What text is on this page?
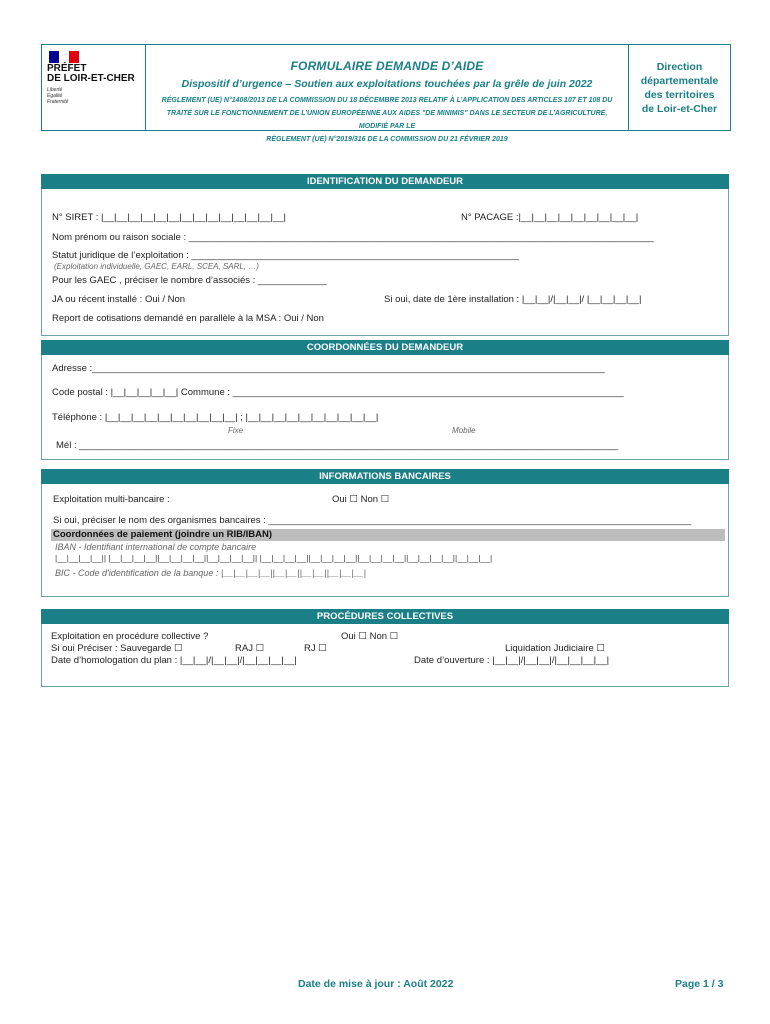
PRÉFET
DE LOIR-ET-CHER
Liberté
Égalité
Fraternité
FORMULAIRE DEMANDE D’AIDE
Dispositif d’urgence – Soutien aux exploitations touchées par la grêle de juin 2022
RÉGLEMENT (UE) N°1408/2013 DE LA COMMISSION DU 18 DÉCEMBRE 2013 RELATIF À L’APPLICATION DES ARTICLES 107 ET 108 DU
TRAITÉ SUR LE FONCTIONNEMENT DE L’UNION EUROPÉENNE AUX AIDES "DE MINIMIS" DANS LE SECTEUR DE L’AGRICULTURE, MODIFIÉ PAR LE
RÈGLEMENT (UE) N°2019/316 DE LA COMMISSION DU 21 FÉVRIER 2019
Direction
départementale
des territoires
de Loir-et-Cher
IDENTIFICATION DU DEMANDEUR
N° SIRET : |__|__|__|__|__|__|__|__|__|__|__|__|__|__|	N° PACAGE :|__|__|__|__|__|__|__|__|__|
Nom prénom ou raison sociale : ________________________________________________________________________________________
Statut juridique de l’exploitation : ______________________________________________________________
(Exploitation individuelle, GAEC, EARL, SCEA, SARL, …)
Pour les GAEC , préciser le nombre d’associés : _____________
JA ou récent installé : Oui / Non	Si oui, date de 1ère installation : |__|__|/|__|__|/ |__|__|__|__|
Report de cotisations demandé en parallèle à la MSA : Oui / Non
COORDONNÉES DU DEMANDEUR
Adresse :_________________________________________________________________________________________________
Code postal : |__|__|__|__|__| Commune : __________________________________________________________________________
Téléphone : |__|__|__|__|__|__|__|__|__|__| ; |__|__|__|__|__|__|__|__|__|__|
Fixe	Mobile
Mél : ______________________________________________________________________________________________________
INFORMATIONS BANCAIRES
Exploitation multi-bancaire :	Oui ☐ Non ☐
Si oui, préciser le nom des organismes bancaires : ________________________________________________________________________________
Coordonnées de paiement (joindre un RIB/IBAN)
IBAN - Identifiant international de compte bancaire
|__|__|__|__|| |__|__|__|__||__|__|__|__||__|__|__|__|| |__|__|__|__||__|__|__|__||__|__|__|__||__|__|__|__||__|__|__|
BIC - Code d'identification de la banque : |__|__|__|__||__|__||__|__||__|__|__|
PROCÉDURES COLLECTIVES
Exploitation en procédure collective ?	Oui ☐ Non ☐
Si oui Préciser : Sauvegarde ☐	RAJ ☐	RJ ☐	Liquidation Judiciaire ☐
Date d’homologation du plan : |__|__|/|__|__|/|__|__|__|__|	Date d’ouverture : |__|__|/|__|__|/|__|__|__|__|
Date de mise à jour : Août 2022	Page 1 / 3
